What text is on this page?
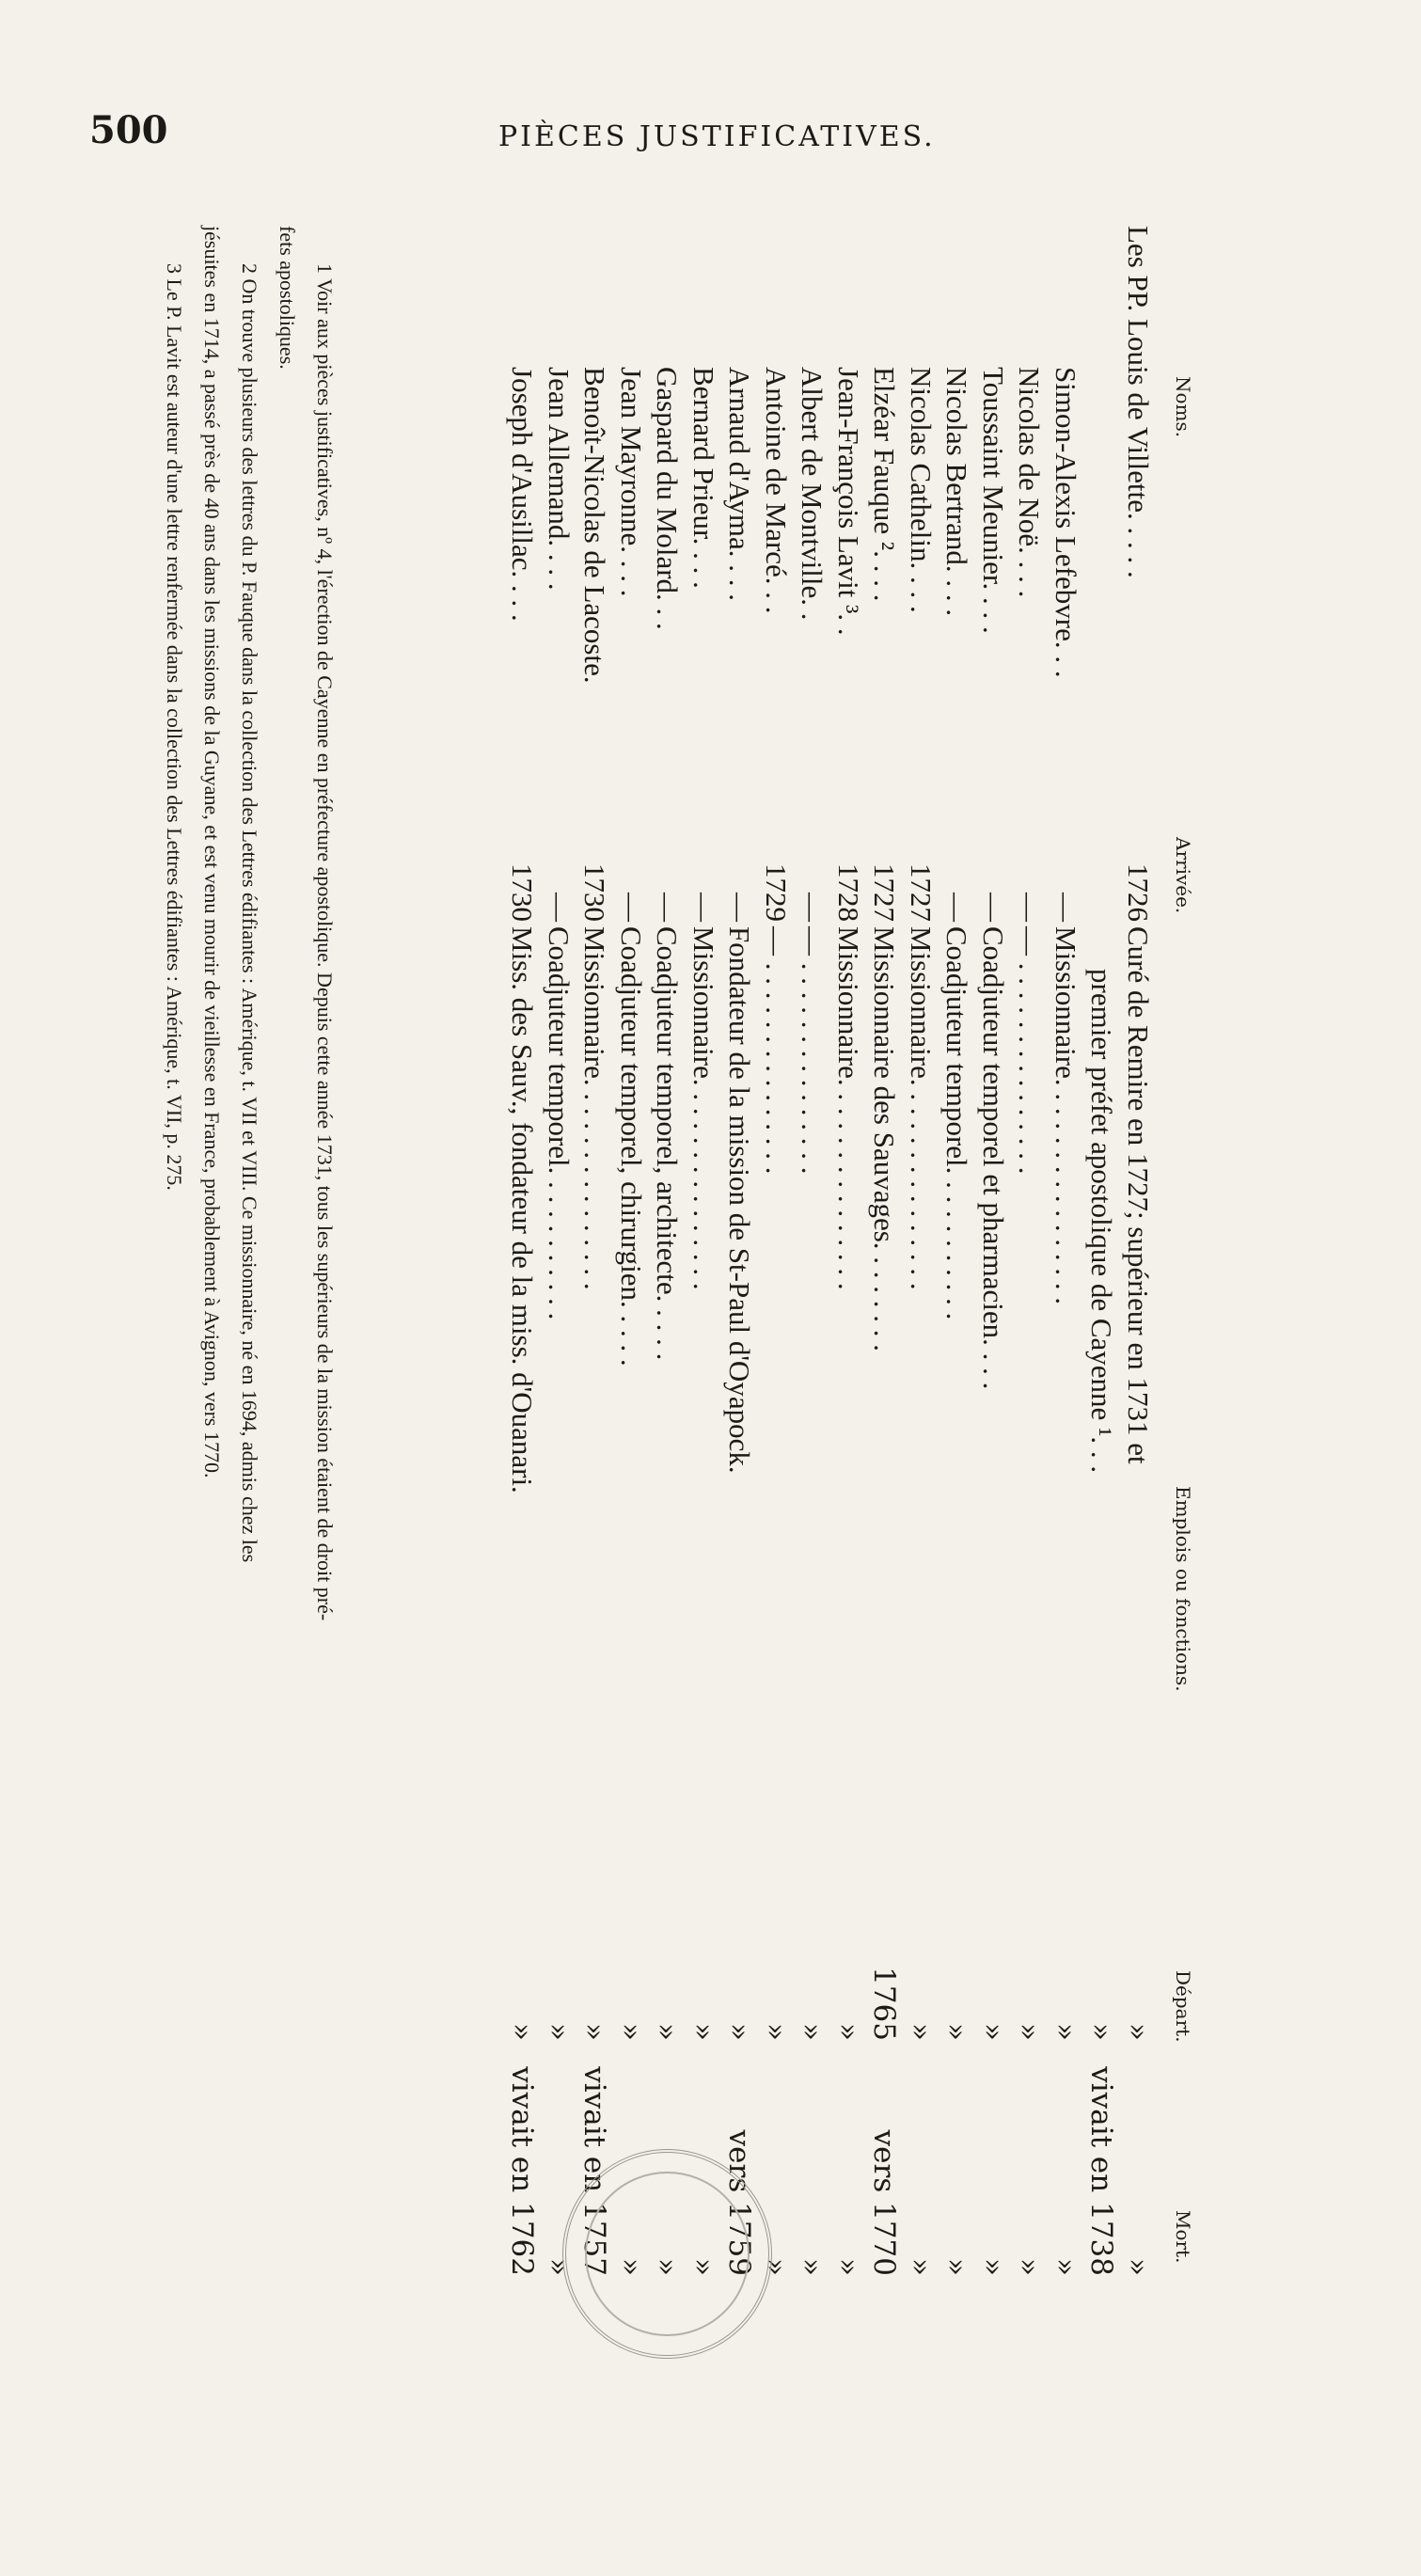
500	PIÈCES JUSTIFICATIVES.
Noms.
Arrivée.
Emplois ou fonctions.
Départ.
Mort.
Les PP. Louis de Villette. . . . .
1726
Curé de Remire en 1727; supérieur en 1731 et
»
»
premier préfet apostolique de Cayenne ¹. . .
»
vivait en 1738
Simon-Alexis Lefebvre. . .
—
Missionnaire. . . . . . . . . . . . . . . .
»
»
Nicolas de Noë. . . .
—
— . . . . . . . . . . . . . . .
»
»
Toussaint Meunier. . . .
—
Coadjuteur temporel et pharmacien. . . .
»
»
Nicolas Bertrand. . . .
—
Coadjuteur temporel. . . . . . . . . . .
»
»
Nicolas Cathelin. . . .
1727
Missionnaire. . . . . . . . . . . . . . .
»
»
Elzéar Fauque ². . . .
1727
Missionnaire des Sauvages. . . . . . . .
1765
vers 1770
Jean-François Lavit ³. .
1728
Missionnaire. . . . . . . . . . . . . . .
»
»
Albert de Montville. .
—
— . . . . . . . . . . . . . . .
»
»
Antoine de Marcé. . .
1729
— . . . . . . . . . . . . . . .
»
»
Arnaud d'Ayma. . . .
—
Fondateur de la mission de St-Paul d'Oyapock.
»
vers 1759
Bernard Prieur. . . .
—
Missionnaire. . . . . . . . . . . . . . .
»
»
Gaspard du Molard. . .
—
Coadjuteur temporel, architecte. . . . .
»
»
Jean Mayronne. . . .
—
Coadjuteur temporel, chirurgien. . . . .
»
»
Benoît-Nicolas de Lacoste.
1730
Missionnaire. . . . . . . . . . . . . . .
»
vivait en 1757
Jean Allemand. . . .
—
Coadjuteur temporel. . . . . . . . . . .
»
»
Joseph d'Ausillac. . . .
1730
Miss. des Sauv., fondateur de la miss. d'Ouanari.
»
vivait en 1762

1 Voir aux pièces justificatives, nº 4, l'érection de Cayenne en préfecture apostolique. Depuis cette année 1731, tous les supérieurs de la mission étaient de droit pré-

fets apostoliques.

2 On trouve plusieurs des lettres du P. Fauque dans la collection des Lettres édifiantes : Amérique, t. VII et VIII. Ce missionnaire, né en 1694, admis chez les

jésuites en 1714, a passé près de 40 ans dans les missions de la Guyane, et est venu mourir de vieillesse en France, probablement à Avignon, vers 1770.

3 Le P. Lavit est auteur d'une lettre renfermée dans la collection des Lettres édifiantes : Amérique, t. VII, p. 275.
